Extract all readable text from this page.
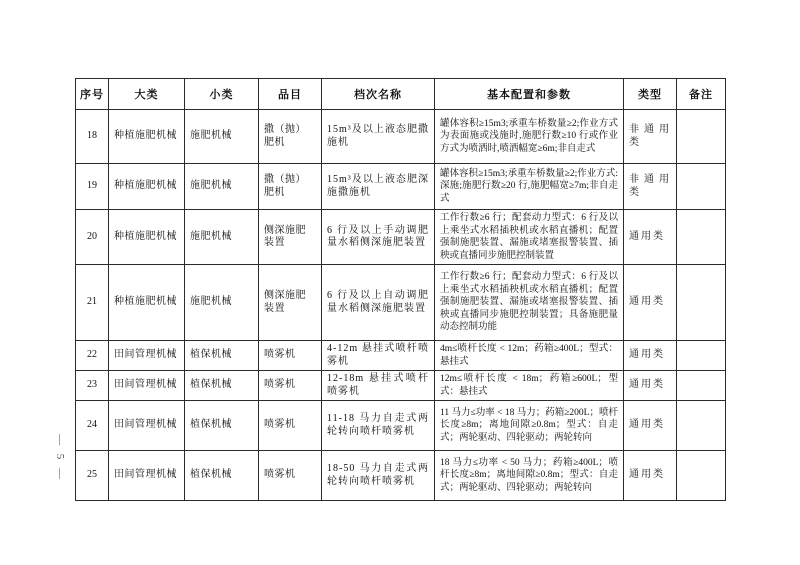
— 5 —
序号	大类	小类	品目	档次名称	基本配置和参数	类型	备注
18	种植施肥机械	施肥机械	撒（抛）肥机	15m³及以上液态肥撒施机	罐体容积≥15m3;承重车桥数量≥2;作业方式为表面施或浅施时,施肥行数≥10 行或作业方式为喷洒时,喷洒幅宽≥6m;非自走式	非通用类	
19	种植施肥机械	施肥机械	撒（抛）肥机	15m³及以上液态肥深施撒施机	罐体容积≥15m3;承重车桥数量≥2;作业方式:深施;施肥行数≥20 行,施肥幅宽≥7m;非自走式	非通用类	
20	种植施肥机械	施肥机械	侧深施肥装置	6 行及以上手动调肥量水稻侧深施肥装置	工作行数≥6 行；配套动力型式：6 行及以上乘坐式水稻插秧机或水稻直播机；配置强制施肥装置、漏施或堵塞报警装置、插秧或直播同步施肥控制装置	通用类	
21	种植施肥机械	施肥机械	侧深施肥装置	6 行及以上自动调肥量水稻侧深施肥装置	工作行数≥6 行；配套动力型式：6 行及以上乘坐式水稻插秧机或水稻直播机；配置强制施肥装置、漏施或堵塞报警装置、插秧或直播同步施肥控制装置；具备施肥量动态控制功能	通用类	
22	田间管理机械	植保机械	喷雾机	4-12m 悬挂式喷杆喷雾机	4m≤喷杆长度 < 12m；药箱≥400L；型式：悬挂式	通用类	
23	田间管理机械	植保机械	喷雾机	12-18m 悬挂式喷杆喷雾机	12m≤喷杆长度 < 18m；药箱≥600L；型式：悬挂式	通用类	
24	田间管理机械	植保机械	喷雾机	11-18 马力自走式两轮转向喷杆喷雾机	11 马力≤功率 < 18 马力；药箱≥200L；喷杆长度≥8m；离地间隙≥0.8m；型式：自走式；两轮驱动、四轮驱动；两轮转向	通用类	
25	田间管理机械	植保机械	喷雾机	18-50 马力自走式两轮转向喷杆喷雾机	18 马力≤功率 < 50 马力；药箱≥400L；喷杆长度≥8m；离地间隙≥0.8m；型式：自走式；两轮驱动、四轮驱动；两轮转向	通用类	
